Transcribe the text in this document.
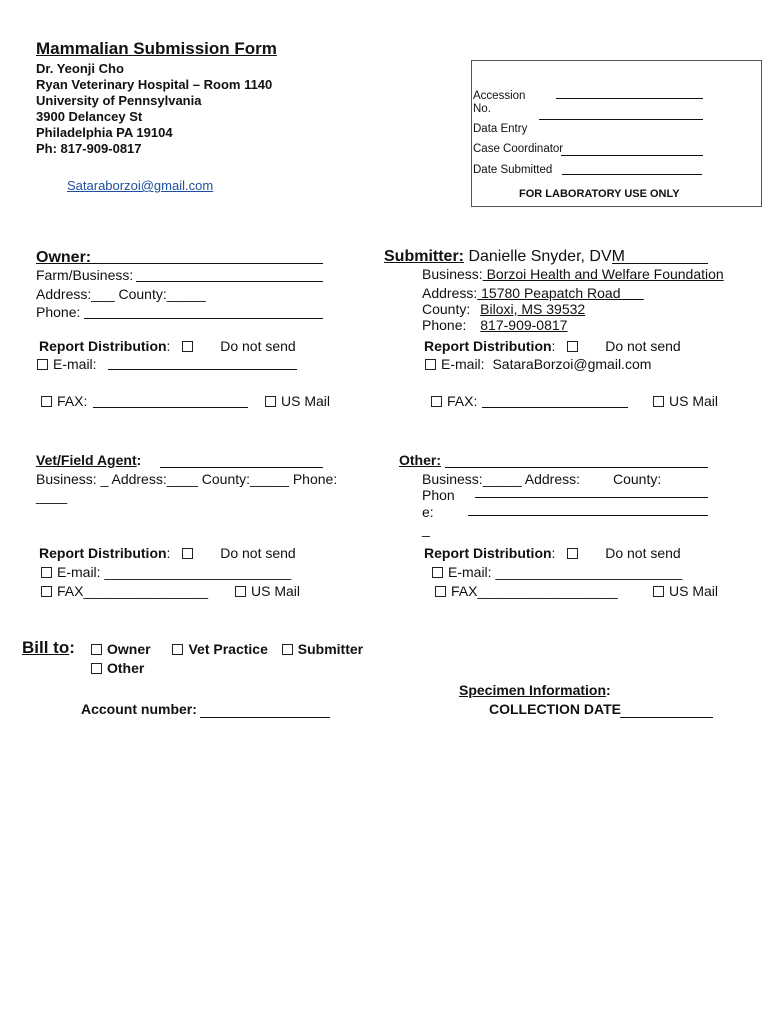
Mammalian Submission Form
Dr. Yeonji Cho
Ryan Veterinary Hospital – Room 1140
University of Pennsylvania
3900 Delancey St
Philadelphia PA 19104
Ph: 817-909-0817
Sataraborzoi@gmail.com
Accession
No.
Data Entry
Case Coordinator
Date Submitted
FOR LABORATORY USE ONLY
Owner:
Farm/Business:
Address:___ County:_____
Phone:
Report Distribution:	Do not send
E-mail:
FAX:	US Mail
Submitter: Danielle Snyder, DVM
Business: Borzoi Health and Welfare Foundation
Address: 15780 Peapatch Road
County: Biloxi, MS 39532
Phone: 817-909-0817
Report Distribution:	Do not send
E-mail: SataraBorzoi@gmail.com
FAX:	US Mail
Vet/Field Agent:
Business: _ Address:____ County:_____ Phone:
____
Report Distribution:	Do not send
E-mail: ________________________
FAX________________	US Mail
Other:
Business:_____ Address: County:
Phon
e:
_
Report Distribution:	Do not send
E-mail: ________________________
FAX__________________	US Mail
Bill to:	Owner	Vet Practice Submitter
Other
Account number:
Specimen Information:
COLLECTION DATE
